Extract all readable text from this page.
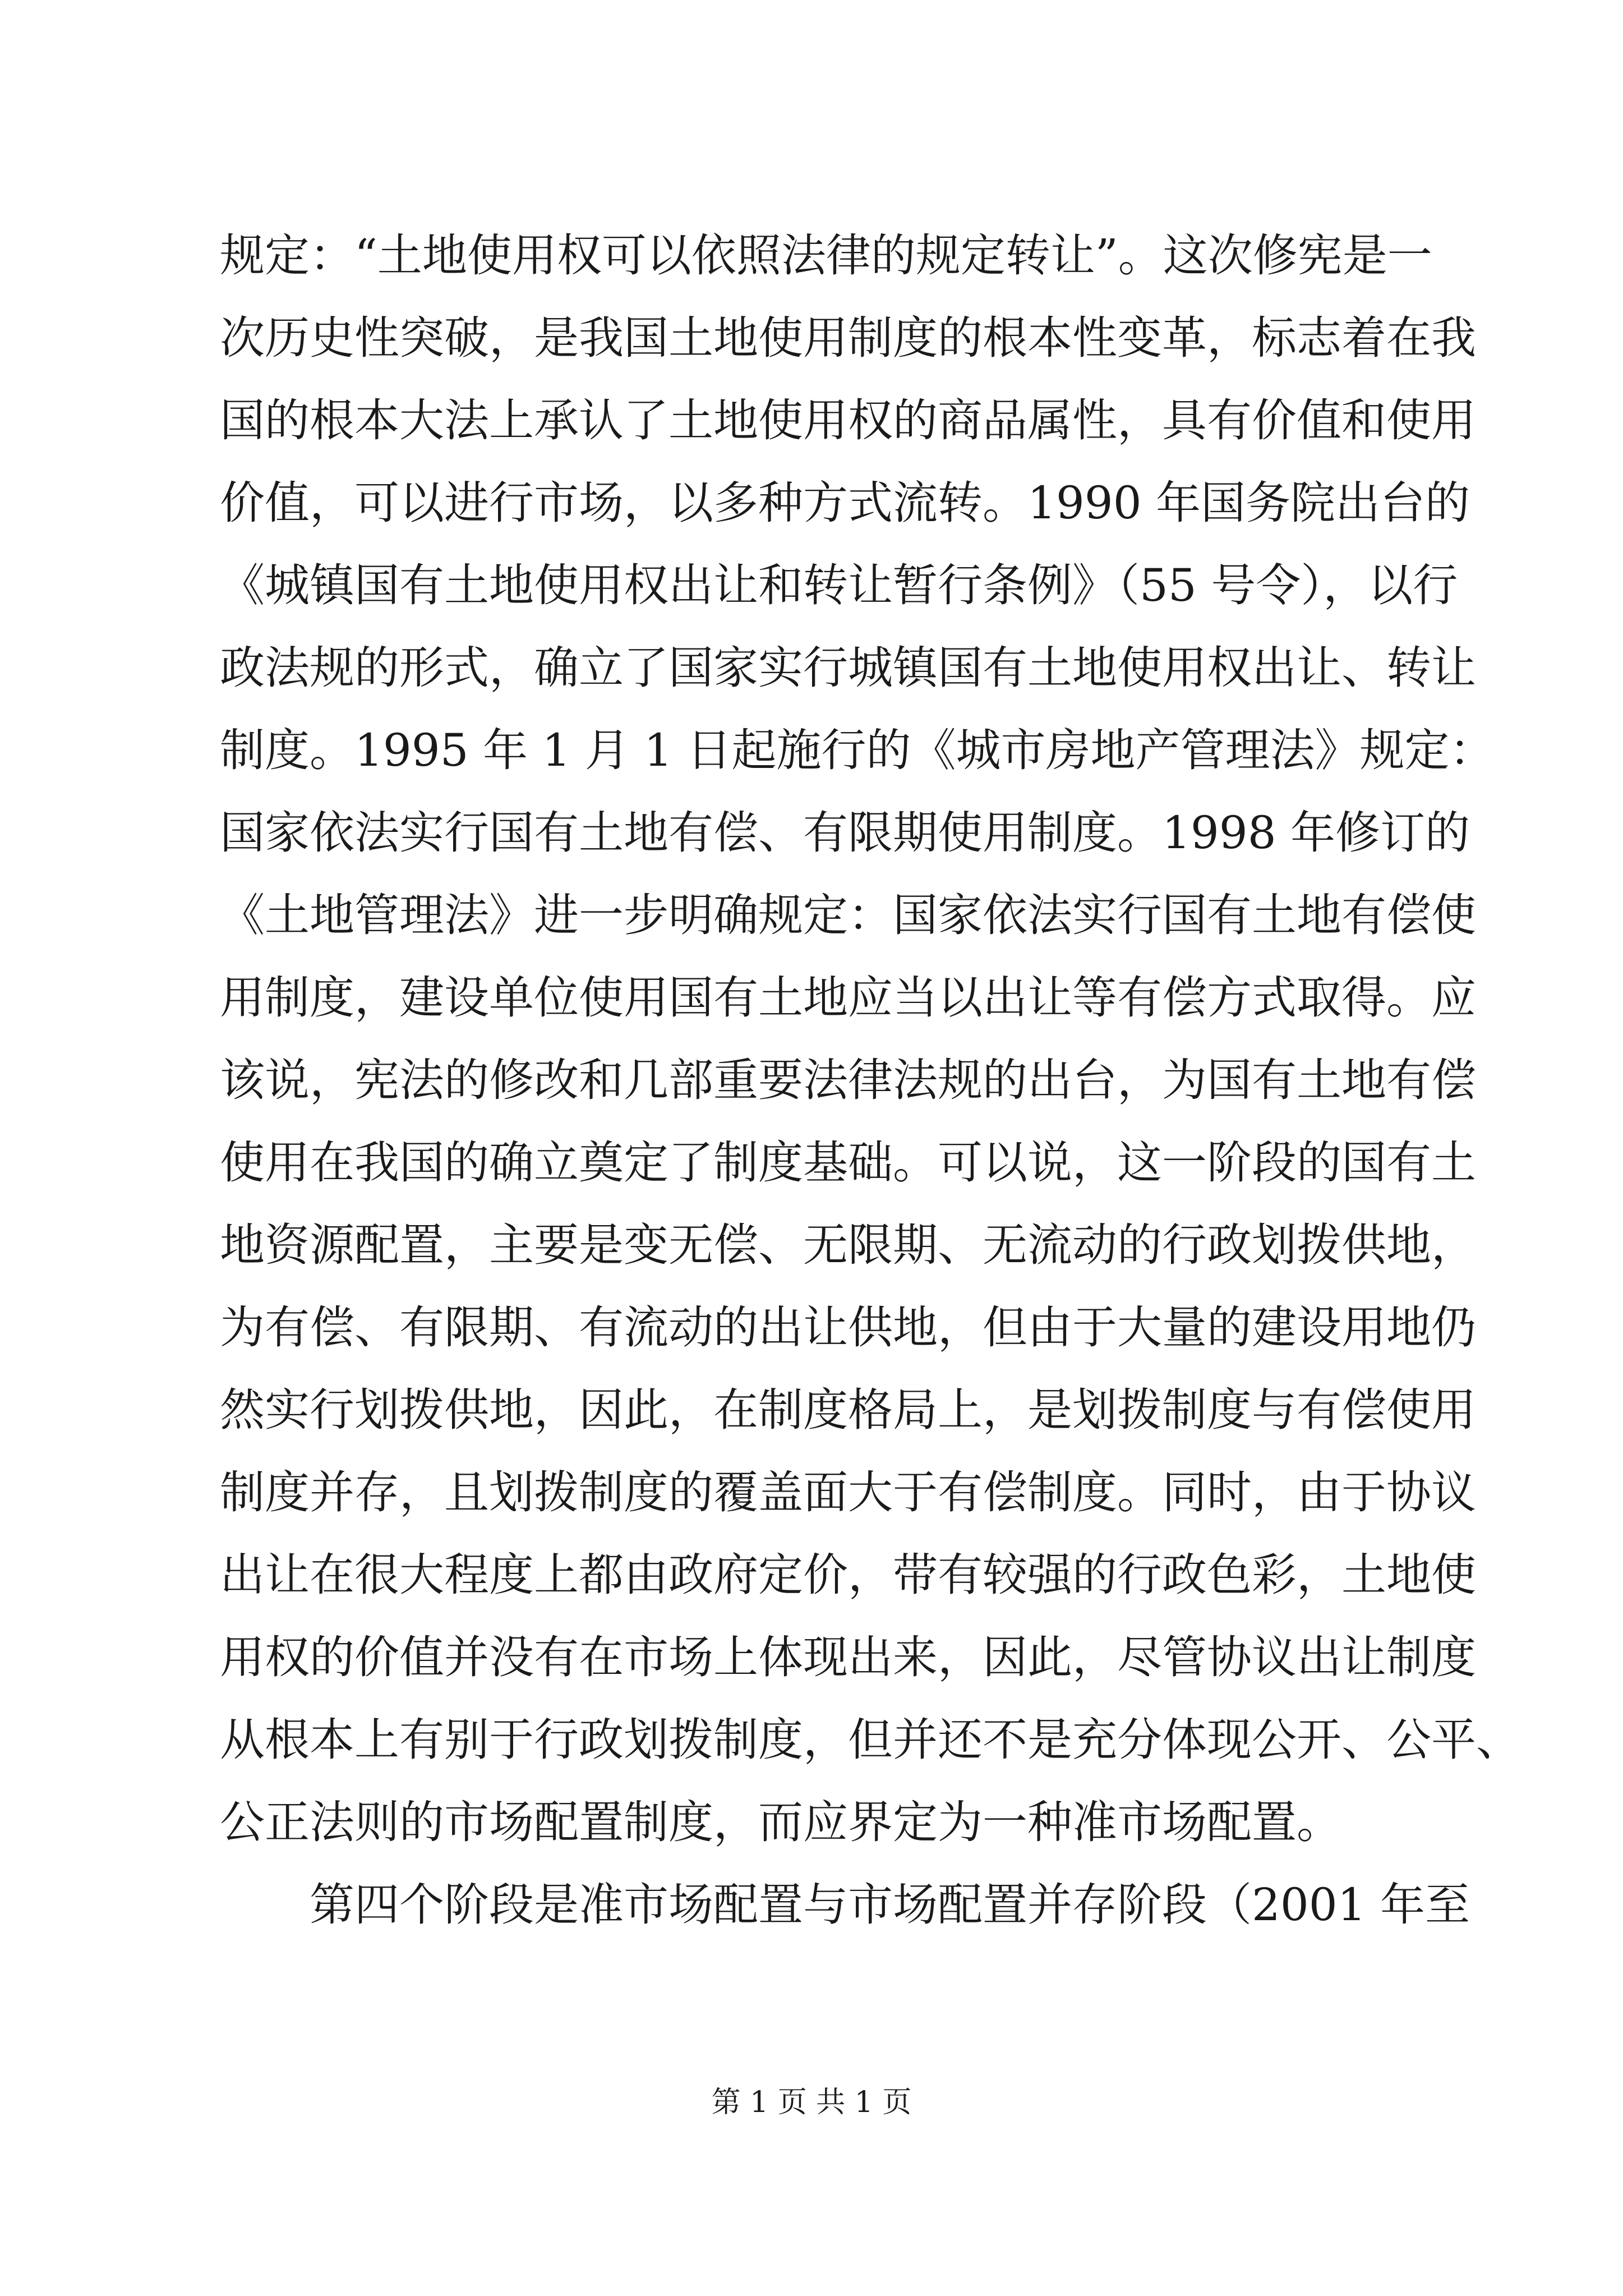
规定：“土地使用权可以依照法律的规定转让”。这次修宪是一
次历史性突破，是我国土地使用制度的根本性变革，标志着在我
国的根本大法上承认了土地使用权的商品属性，具有价值和使用
价值，可以进行市场，以多种方式流转。1990 年国务院出台的
《城镇国有土地使用权出让和转让暂行条例》（55 号令），以行
政法规的形式，确立了国家实行城镇国有土地使用权出让、转让
制度。1995 年 1 月 1 日起施行的《城市房地产管理法》规定：
国家依法实行国有土地有偿、有限期使用制度。1998 年修订的
《土地管理法》进一步明确规定：国家依法实行国有土地有偿使
用制度，建设单位使用国有土地应当以出让等有偿方式取得。应
该说，宪法的修改和几部重要法律法规的出台，为国有土地有偿
使用在我国的确立奠定了制度基础。可以说，这一阶段的国有土
地资源配置，主要是变无偿、无限期、无流动的行政划拨供地，
为有偿、有限期、有流动的出让供地，但由于大量的建设用地仍
然实行划拨供地，因此，在制度格局上，是划拨制度与有偿使用
制度并存，且划拨制度的覆盖面大于有偿制度。同时，由于协议
出让在很大程度上都由政府定价，带有较强的行政色彩，土地使
用权的价值并没有在市场上体现出来，因此，尽管协议出让制度
从根本上有别于行政划拨制度，但并还不是充分体现公开、公平、
公正法则的市场配置制度，而应界定为一种准市场配置。
第四个阶段是准市场配置与市场配置并存阶段（2001 年至
第 1 页 共 1 页
